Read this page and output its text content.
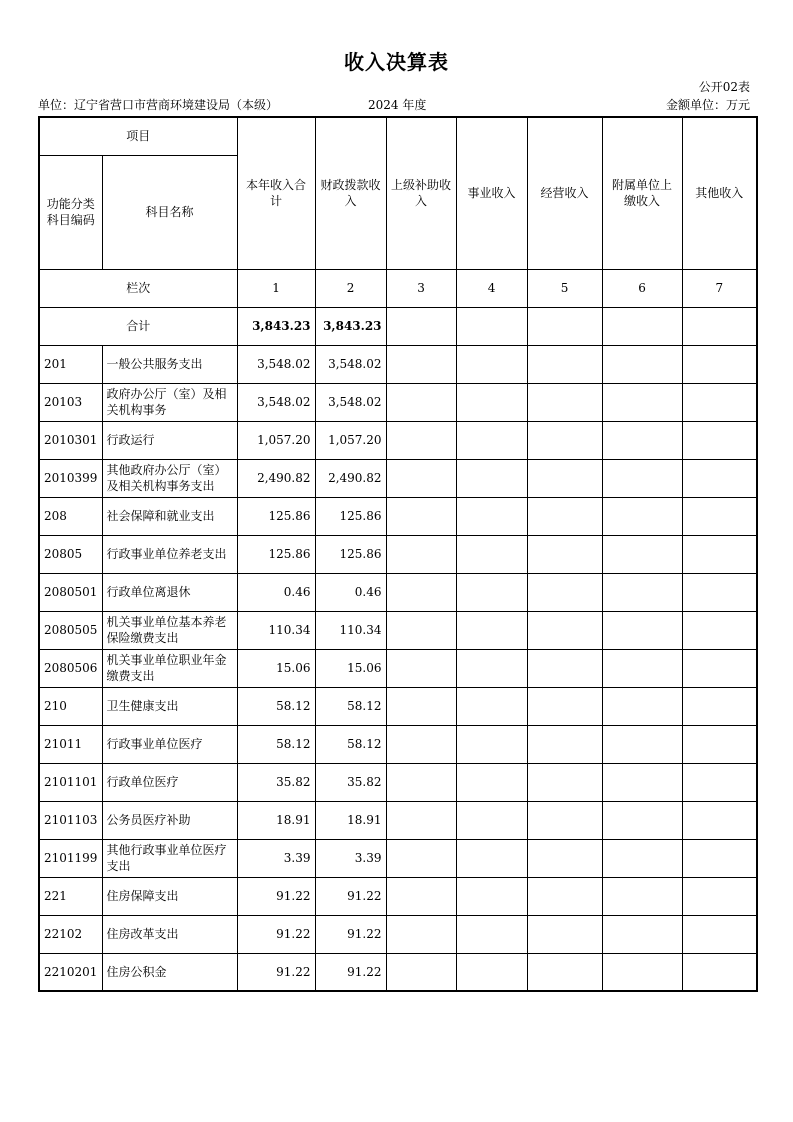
收入决算表
公开02表
单位：辽宁省营口市营商环境建设局（本级）	2024 年度	金额单位：万元
项目		本年收入合计	财政拨款收入	上级补助收入	事业收入	经营收入	附属单位上缴收入	其他收入
功能分类科目编码	科目名称							
栏次		1	2	3	4	5	6	7
合计		3,843.23	3,843.23					
201	一般公共服务支出	3,548.02	3,548.02					
20103	政府办公厅（室）及相关机构事务	3,548.02	3,548.02					
2010301	行政运行	1,057.20	1,057.20					
2010399	其他政府办公厅（室）及相关机构事务支出	2,490.82	2,490.82					
208	社会保障和就业支出	125.86	125.86					
20805	行政事业单位养老支出	125.86	125.86					
2080501	行政单位离退休	0.46	0.46					
2080505	机关事业单位基本养老保险缴费支出	110.34	110.34					
2080506	机关事业单位职业年金缴费支出	15.06	15.06					
210	卫生健康支出	58.12	58.12					
21011	行政事业单位医疗	58.12	58.12					
2101101	行政单位医疗	35.82	35.82					
2101103	公务员医疗补助	18.91	18.91					
2101199	其他行政事业单位医疗支出	3.39	3.39					
221	住房保障支出	91.22	91.22					
22102	住房改革支出	91.22	91.22					
2210201	住房公积金	91.22	91.22					
